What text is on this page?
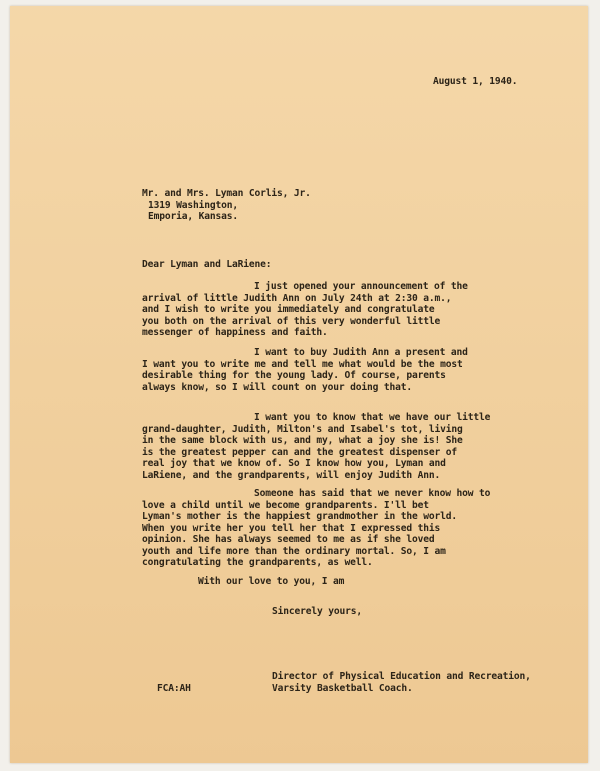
August 1, 1940.
Mr. and Mrs. Lyman Corlis, Jr.
1319 Washington,
Emporia, Kansas.
Dear Lyman and LaRiene:
I just opened your announcement of the
arrival of little Judith Ann on July 24th at 2:30 a.m.,
and I wish to write you immediately and congratulate
you both on the arrival of this very wonderful little
messenger of happiness and faith.
I want to buy Judith Ann a present and
I want you to write me and tell me what would be the most
desirable thing for the young lady. Of course, parents
always know, so I will count on your doing that.
I want you to know that we have our little
grand-daughter, Judith, Milton's and Isabel's tot, living
in the same block with us, and my, what a joy she is! She
is the greatest pepper can and the greatest dispenser of
real joy that we know of. So I know how you, Lyman and
LaRiene, and the grandparents, will enjoy Judith Ann.
Someone has said that we never know how to
love a child until we become grandparents. I'll bet
Lyman's mother is the happiest grandmother in the world.
When you write her you tell her that I expressed this
opinion. She has always seemed to me as if she loved
youth and life more than the ordinary mortal. So, I am
congratulating the grandparents, as well.
With our love to you, I am
Sincerely yours,
Director of Physical Education and Recreation,
Varsity Basketball Coach.
FCA:AH
